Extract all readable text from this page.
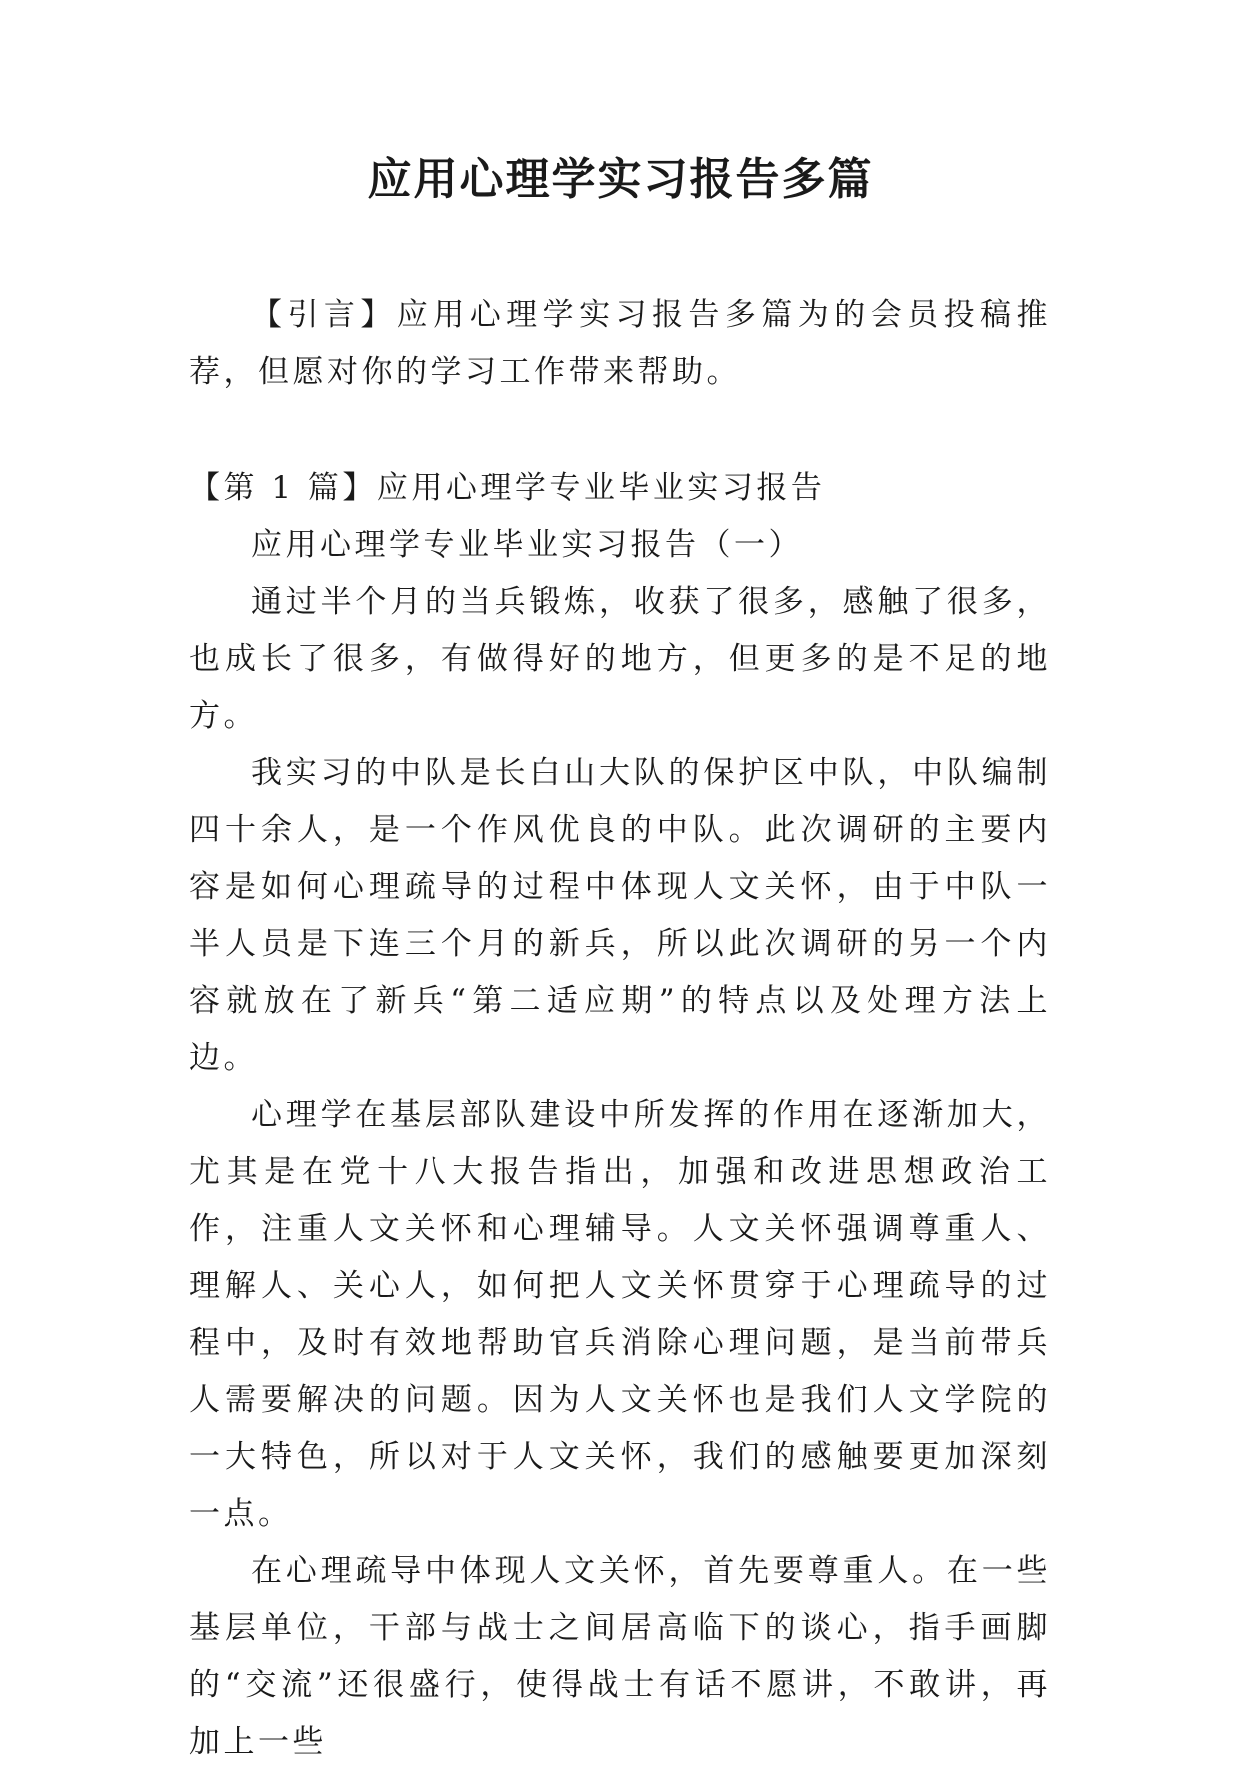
应用心理学实习报告多篇

【引言】应用心理学实习报告多篇为的会员投稿推荐，但愿对你的学习工作带来帮助。

【第 1 篇】应用心理学专业毕业实习报告

应用心理学专业毕业实习报告（一）

通过半个月的当兵锻炼，收获了很多，感触了很多，也成长了很多，有做得好的地方，但更多的是不足的地方。

我实习的中队是长白山大队的保护区中队，中队编制四十余人，是一个作风优良的中队。此次调研的主要内容是如何心理疏导的过程中体现人文关怀，由于中队一半人员是下连三个月的新兵，所以此次调研的另一个内容就放在了新兵“第二适应期”的特点以及处理方法上边。

心理学在基层部队建设中所发挥的作用在逐渐加大，尤其是在党十八大报告指出，加强和改进思想政治工作，注重人文关怀和心理辅导。人文关怀强调尊重人、理解人、关心人，如何把人文关怀贯穿于心理疏导的过程中，及时有效地帮助官兵消除心理问题，是当前带兵人需要解决的问题。因为人文关怀也是我们人文学院的一大特色，所以对于人文关怀，我们的感触要更加深刻一点。

在心理疏导中体现人文关怀，首先要尊重人。在一些基层单位，干部与战士之间居高临下的谈心，指手画脚的“交流”还很盛行，使得战士有话不愿讲，不敢讲，再加上一些
